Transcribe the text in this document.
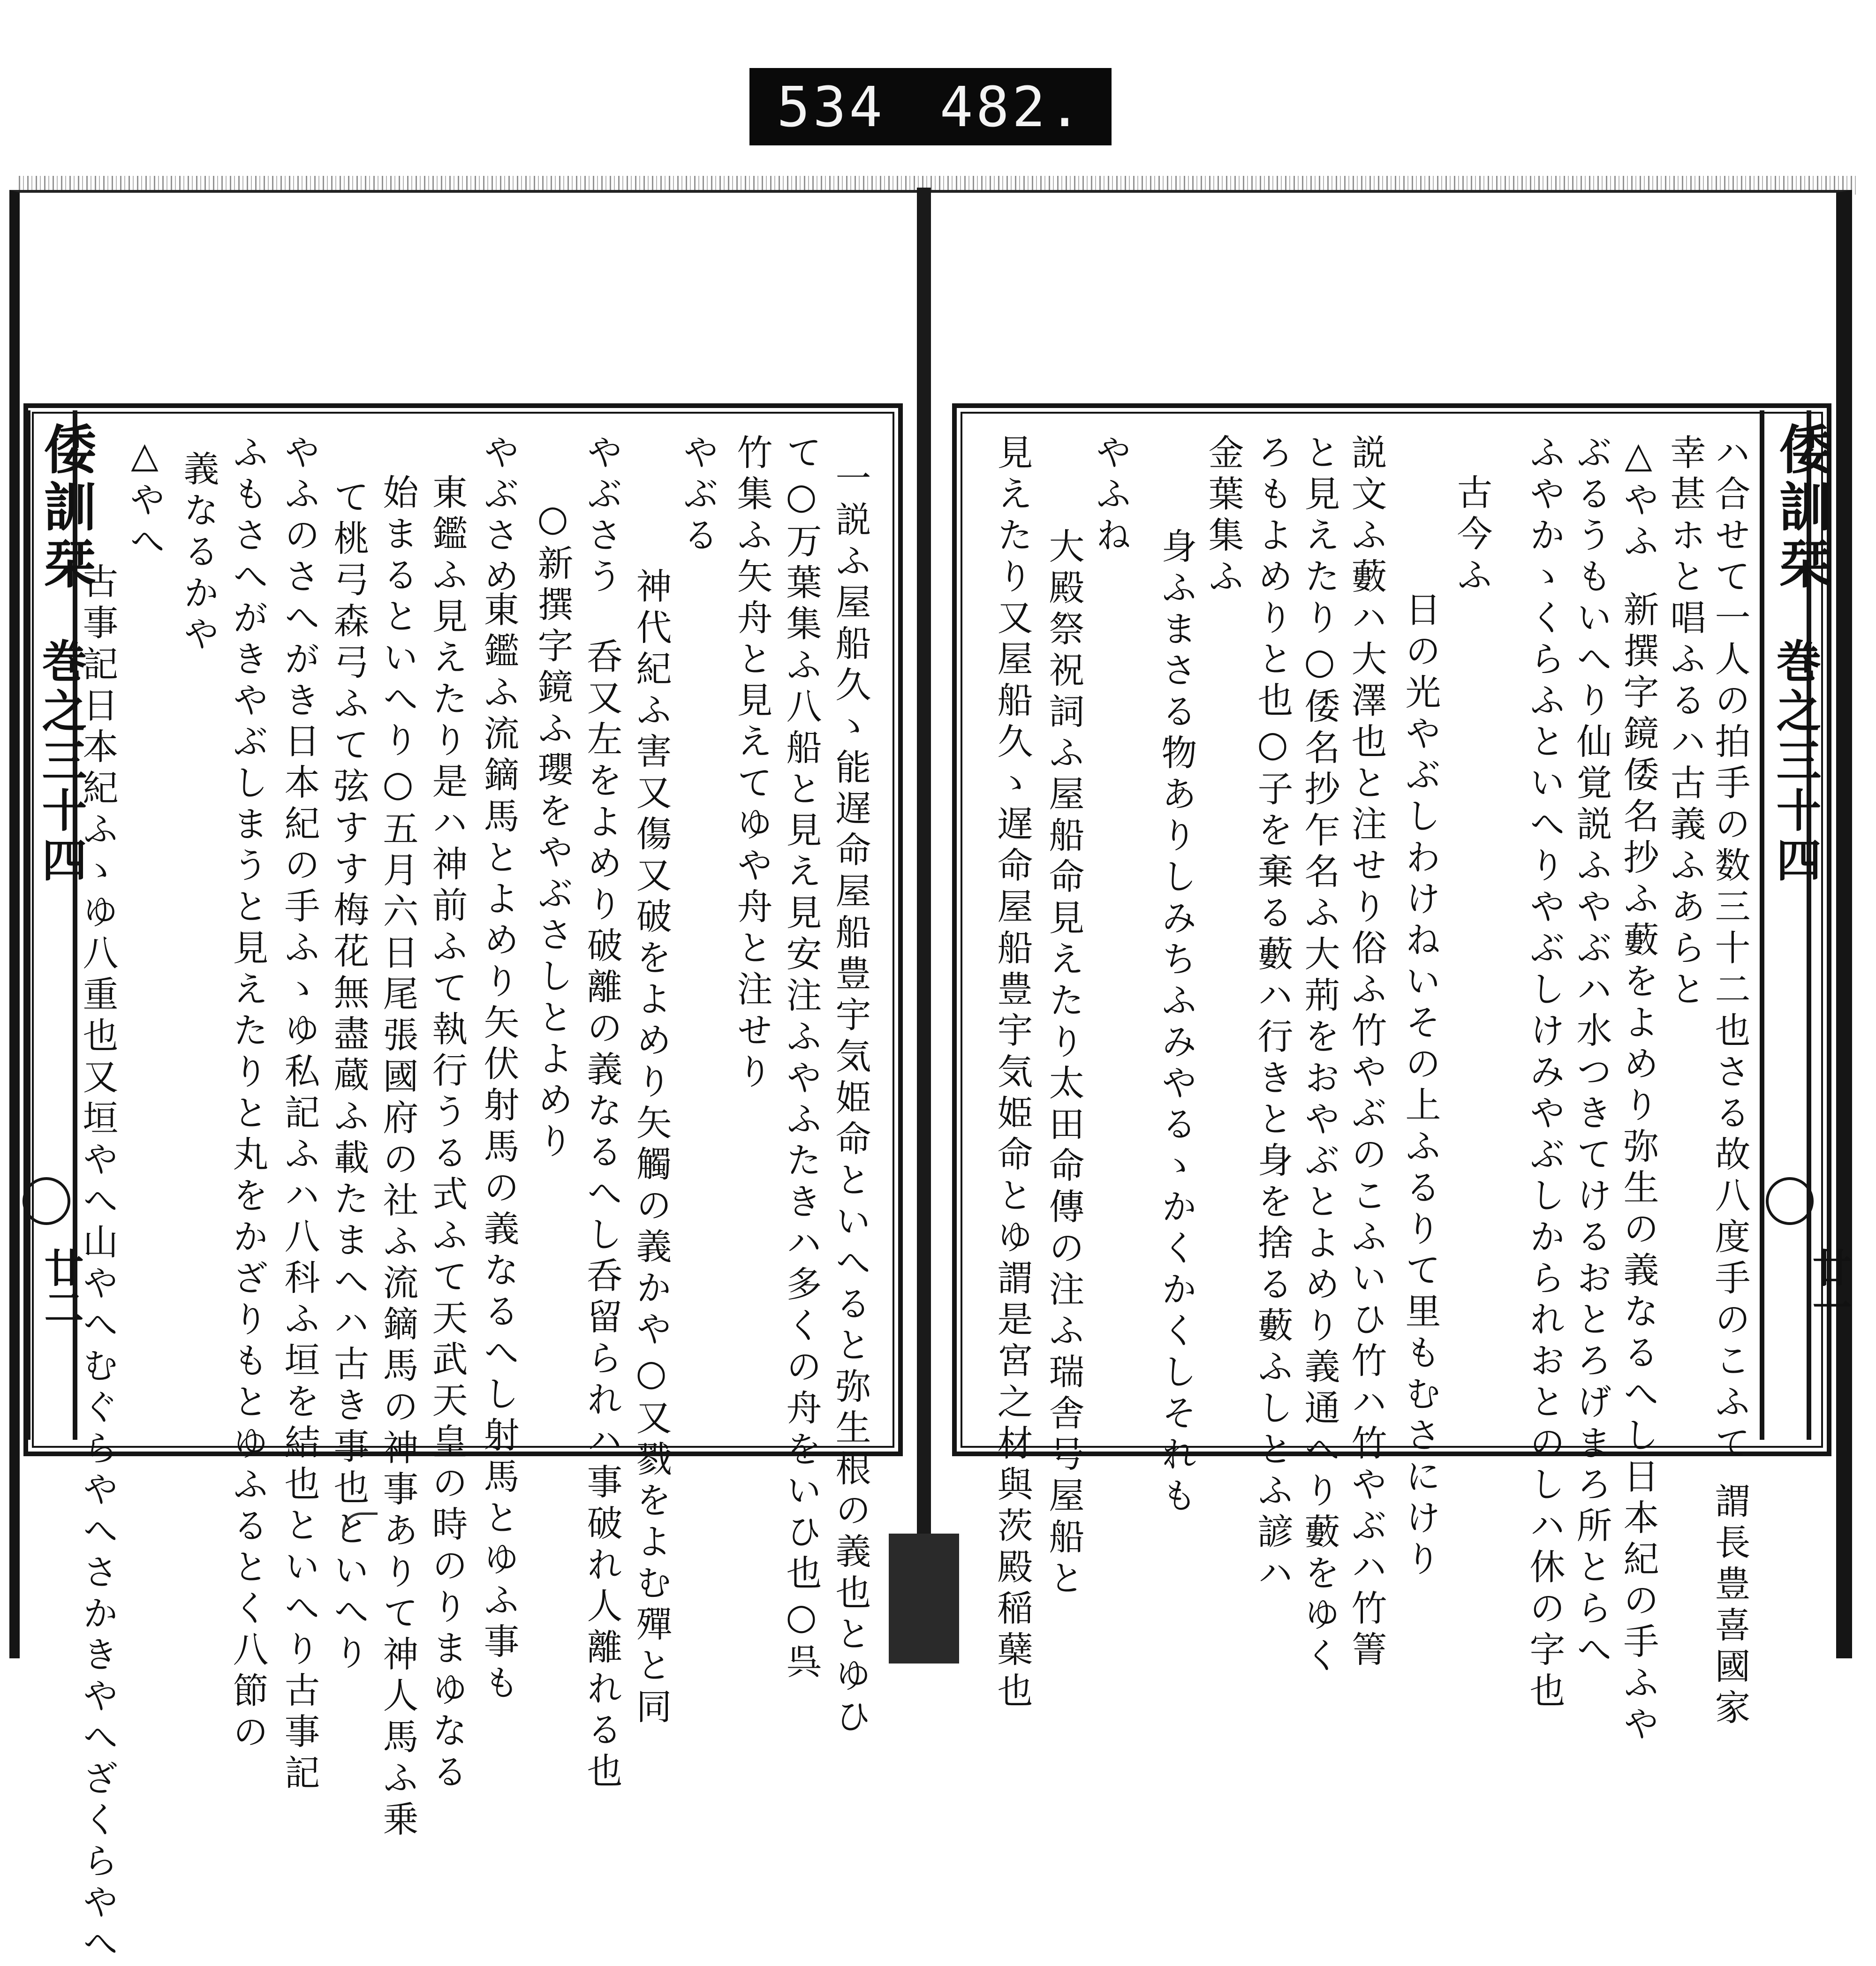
534 482.
倭訓栞
巻之三十四
廿一
倭訓栞
巻之三十四
廿二	ハ合せて一人の拍手の数三十二也さる故八度手のこふて 謂長豊喜國家
幸甚ホと唱ふるハ古義ふあらと
△やふ
新撰字鏡倭名抄ふ藪をよめり弥生の義なるへし日本紀の手ふや
ぶるうもいへり仙覚説ふやぶハ水つきてけるおとろげまろ所とらへ
ふやかゝくらふといへりやぶしけみやぶしかられおとのしハ休の字也
古今ふ
日の光やぶしわけねいその上ふるりて里もむさにけり
説文ふ藪ハ大澤也と注せり俗ふ竹やぶのこふいひ竹ハ竹やぶハ竹箐
と見えたり○倭名抄乍名ふ大荊をおやぶとよめり義通へり藪をゆく
ろもよめりと也○子を棄る藪ハ行きと身を捨る藪ふしとふ諺ハ
金葉集ふ
身ふまさる物ありしみちふみやるゝかくかくしそれも
やふね
大殿祭祝詞ふ屋船命見えたり太田命傳の注ふ瑞舎号屋船と
見えたり又屋船久ゝ遅命屋船豊宇気姫命とゆ謂是宮之材與茨殿稲蘖也
一説ふ屋船久ゝ能遅命屋船豊宇気姫命といへると弥生根の義也とゆひ
て○万葉集ふ八船と見え見安注ふやふたきハ多くの舟をいひ也○呉
竹集ふ矢舟と見えてゆや舟と注せり
やぶる
神代紀ふ害又傷又破をよめり矢觸の義かや○又戮をよむ殫と同
やぶさう
呑又左をよめり破離の義なるへし呑留られハ事破れ人離れる也
○新撰字鏡ふ瓔をやぶさしとよめり
やぶさめ
東鑑ふ流鏑馬とよめり矢伏射馬の義なるへし射馬とゆふ事も
東鑑ふ見えたり是ハ神前ふて執行うる式ふて天武天皇の時のりまゆなる
始まるといへり○五月六日尾張國府の社ふ流鏑馬の神事ありて神人馬ふ乗
て桃弓森弓ふて弦すす梅花無盡蔵ふ載たまへハ古き事也といへり
やふのさへがき
日本紀の手ふゝゆ私記ふハ八科ふ垣を結也といへり古事記
ふもさへがきやぶしまうと見えたりと丸をかざりもとゆふるとく八節の
義なるかや
△やへ
古事記日本紀ふゝゆ八重也又垣やへ山やへむぐらやへさかきやへざくらやへ
